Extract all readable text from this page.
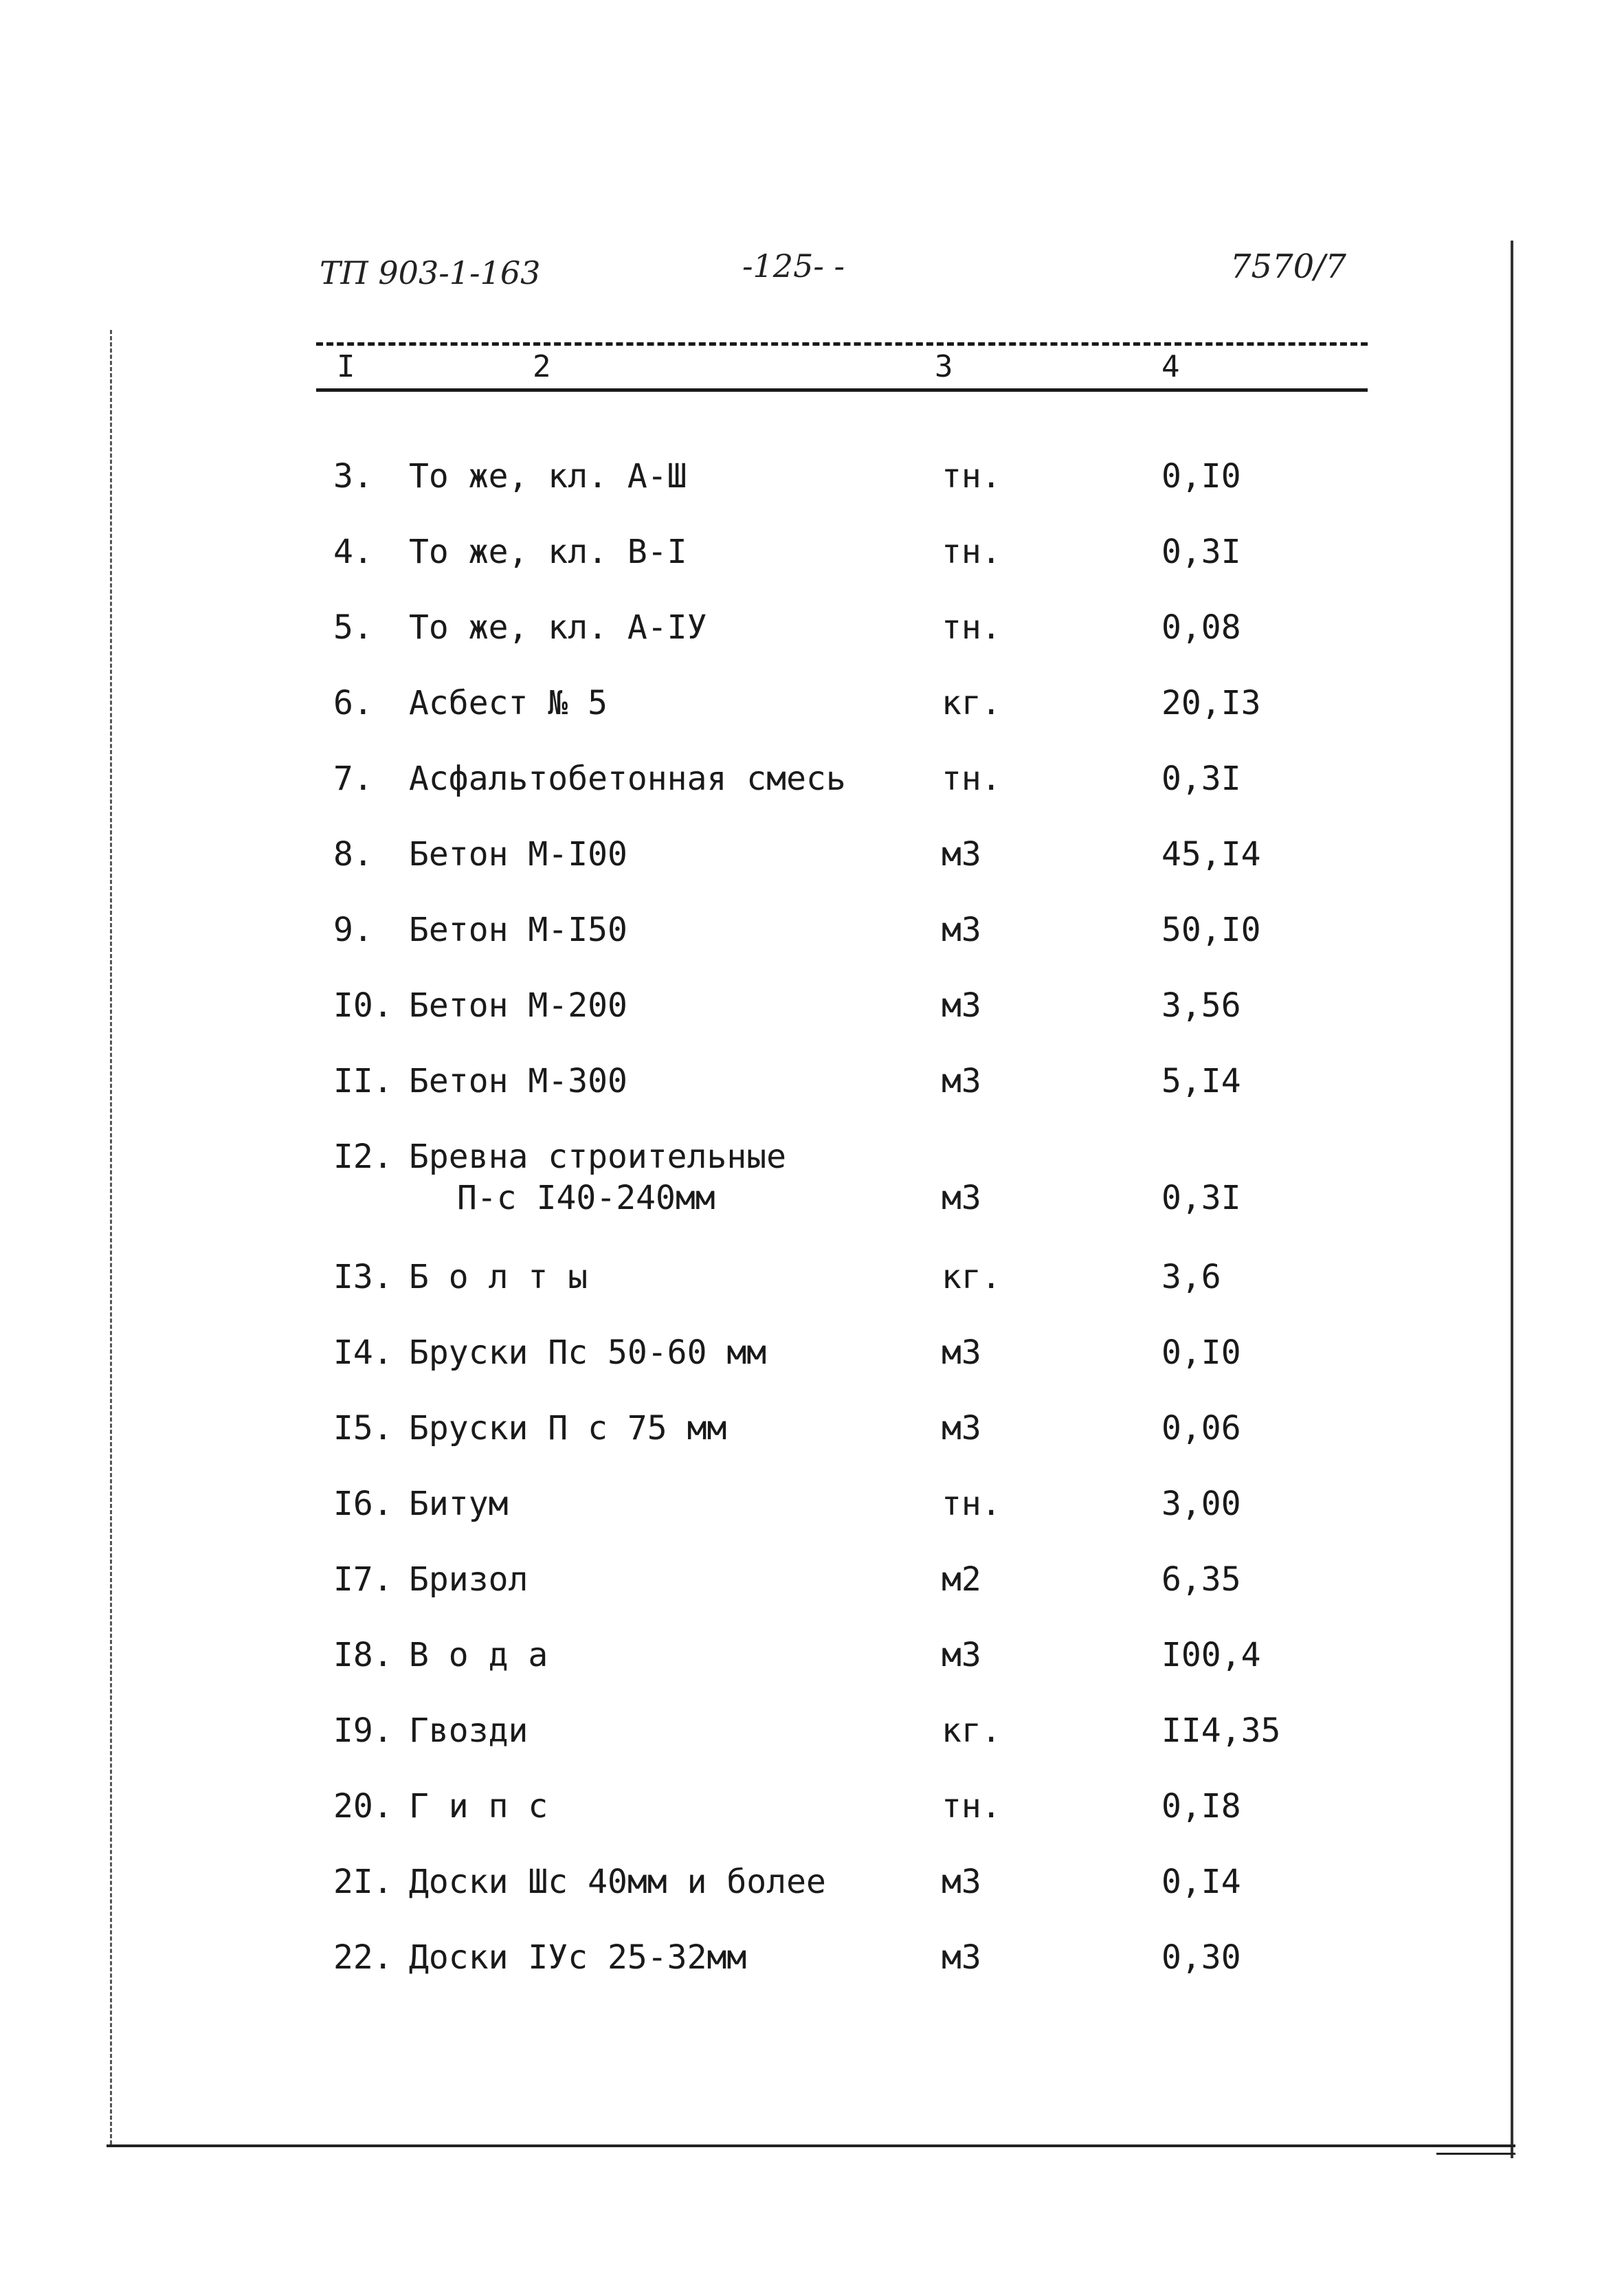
ТП 903-1-163	-125- -	7570/7
I	2	3	4
3. То же, кл. А-Ш	тн.	0,I0
4. То же, кл. В-I	тн.	0,3I
5. То же, кл. А-IУ	тн.	0,08
6. Асбест № 5	кг.	20,I3
7. Асфальтобетонная смесь	тн.	0,3I
8. Бетон М-I00	м3	45,I4
9. Бетон М-I50	м3	50,I0
I0. Бетон М-200	м3	3,56
II. Бетон М-300	м3	5,I4
I2. Бревна строительные
П-с I40-240мм	м3	0,3I
I3. Б о л т ы	кг.	3,6
I4. Бруски Пс 50-60 мм	м3	0,I0
I5. Бруски П с 75 мм	м3	0,06
I6. Битум	тн.	3,00
I7. Бризол	м2	6,35
I8. В о д а	м3	I00,4
I9. Гвозди	кг.	II4,35
20. Г и п с	тн.	0,I8
2I. Доски Шс 40мм и более	м3	0,I4
22. Доски IУс 25-32мм	м3	0,30
